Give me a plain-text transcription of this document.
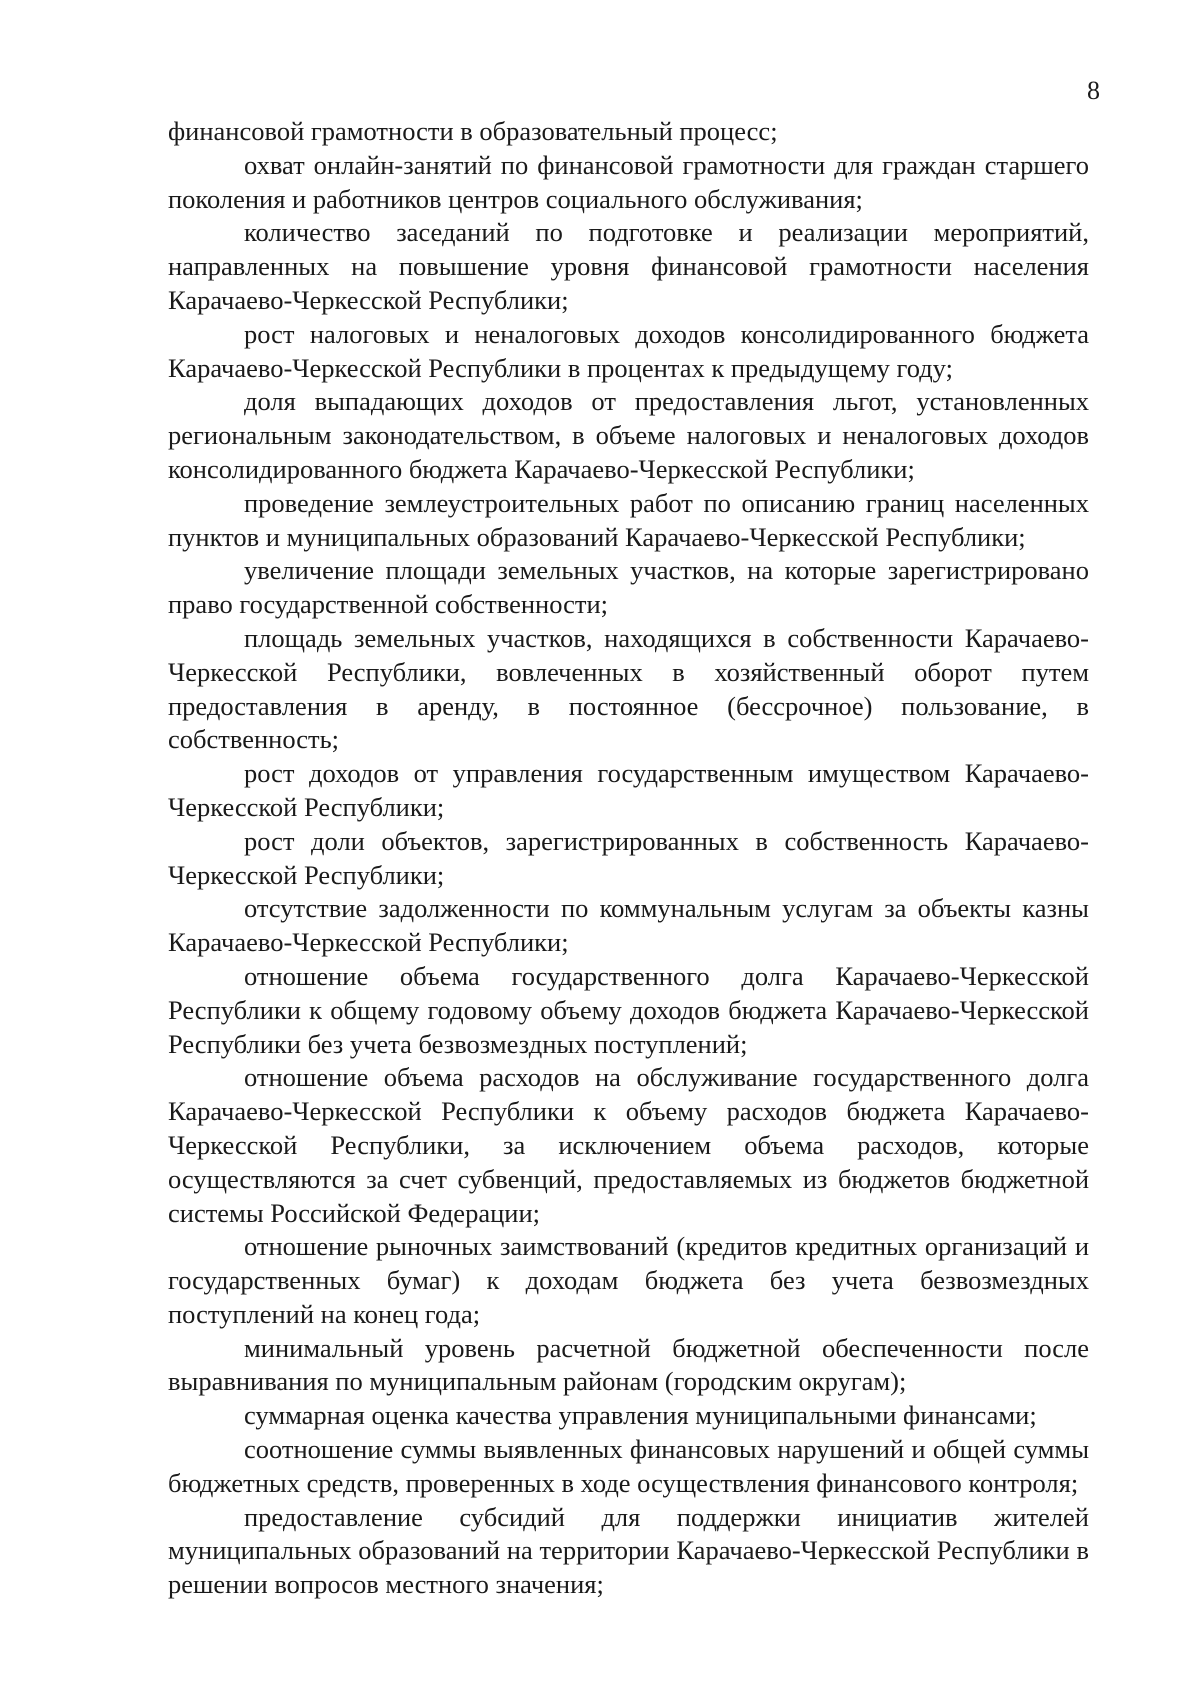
8

финансовой грамотности в образовательный процесс;

охват онлайн-занятий по финансовой грамотности для граждан старшего поколения и работников центров социального обслуживания;

количество заседаний по подготовке и реализации мероприятий, направленных на повышение уровня финансовой грамотности населения Карачаево-Черкесской Республики;

рост налоговых и неналоговых доходов консолидированного бюджета Карачаево-Черкесской Республики в процентах к предыдущему году;

доля выпадающих доходов от предоставления льгот, установленных региональным законодательством, в объеме налоговых и неналоговых доходов консолидированного бюджета Карачаево-Черкесской Республики;

проведение землеустроительных работ по описанию границ населенных пунктов и муниципальных образований Карачаево-Черкесской Республики;

увеличение площади земельных участков, на которые зарегистрировано право государственной собственности;

площадь земельных участков, находящихся в собственности Карачаево-Черкесской Республики, вовлеченных в хозяйственный оборот путем предоставления в аренду, в постоянное (бессрочное) пользование, в собственность;

рост доходов от управления государственным имуществом Карачаево-Черкесской Республики;

рост доли объектов, зарегистрированных в собственность Карачаево-Черкесской Республики;

отсутствие задолженности по коммунальным услугам за объекты казны Карачаево-Черкесской Республики;

отношение объема государственного долга Карачаево-Черкесской Республики к общему годовому объему доходов бюджета Карачаево-Черкесской Республики без учета безвозмездных поступлений;

отношение объема расходов на обслуживание государственного долга Карачаево-Черкесской Республики к объему расходов бюджета Карачаево-Черкесской Республики, за исключением объема расходов, которые осуществляются за счет субвенций, предоставляемых из бюджетов бюджетной системы Российской Федерации;

отношение рыночных заимствований (кредитов кредитных организаций и государственных бумаг) к доходам бюджета без учета безвозмездных поступлений на конец года;

минимальный уровень расчетной бюджетной обеспеченности после выравнивания по муниципальным районам (городским округам);

суммарная оценка качества управления муниципальными финансами;

соотношение суммы выявленных финансовых нарушений и общей суммы бюджетных средств, проверенных в ходе осуществления финансового контроля;

предоставление субсидий для поддержки инициатив жителей муниципальных образований на территории Карачаево-Черкесской Республики в решении вопросов местного значения;
